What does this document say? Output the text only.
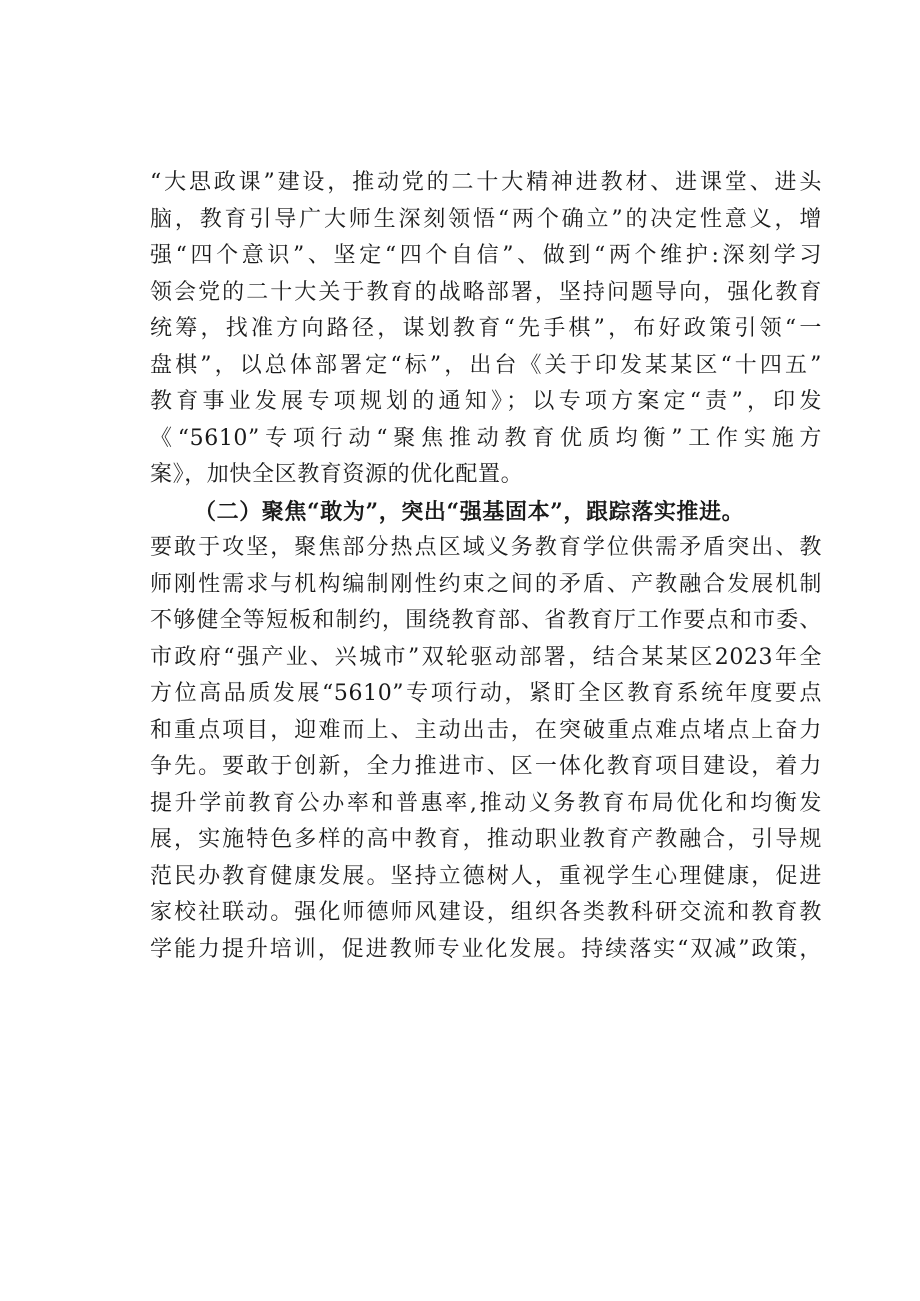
“大思政课”建设，推动党的二十大精神进教材、进课堂、进头
脑，教育引导广大师生深刻领悟“两个确立”的决定性意义，增
强“四个意识”、坚定“四个自信”、做到“两个维护:深刻学习
领会党的二十大关于教育的战略部署，坚持问题导向，强化教育
统筹，找准方向路径，谋划教育“先手棋”，布好政策引领“一
盘棋”，以总体部署定“标”，出台《关于印发某某区“十四五”
教育事业发展专项规划的通知》；以专项方案定“责”，印发
《“5610”专项行动“聚焦推动教育优质均衡”工作实施方
案》，加快全区教育资源的优化配置。
（二）聚焦“敢为”，突出“强基固本”，跟踪落实推进。
要敢于攻坚，聚焦部分热点区域义务教育学位供需矛盾突出、教
师刚性需求与机构编制刚性约束之间的矛盾、产教融合发展机制
不够健全等短板和制约，围绕教育部、省教育厅工作要点和市委、
市政府“强产业、兴城市”双轮驱动部署，结合某某区2023年全
方位高品质发展“5610”专项行动，紧盯全区教育系统年度要点
和重点项目，迎难而上、主动出击，在突破重点难点堵点上奋力
争先。要敢于创新，全力推进市、区一体化教育项目建设，着力
提升学前教育公办率和普惠率,推动义务教育布局优化和均衡发
展，实施特色多样的高中教育，推动职业教育产教融合，引导规
范民办教育健康发展。坚持立德树人，重视学生心理健康，促进
家校社联动。强化师德师风建设，组织各类教科研交流和教育教
学能力提升培训，促进教师专业化发展。持续落实“双减”政策，
